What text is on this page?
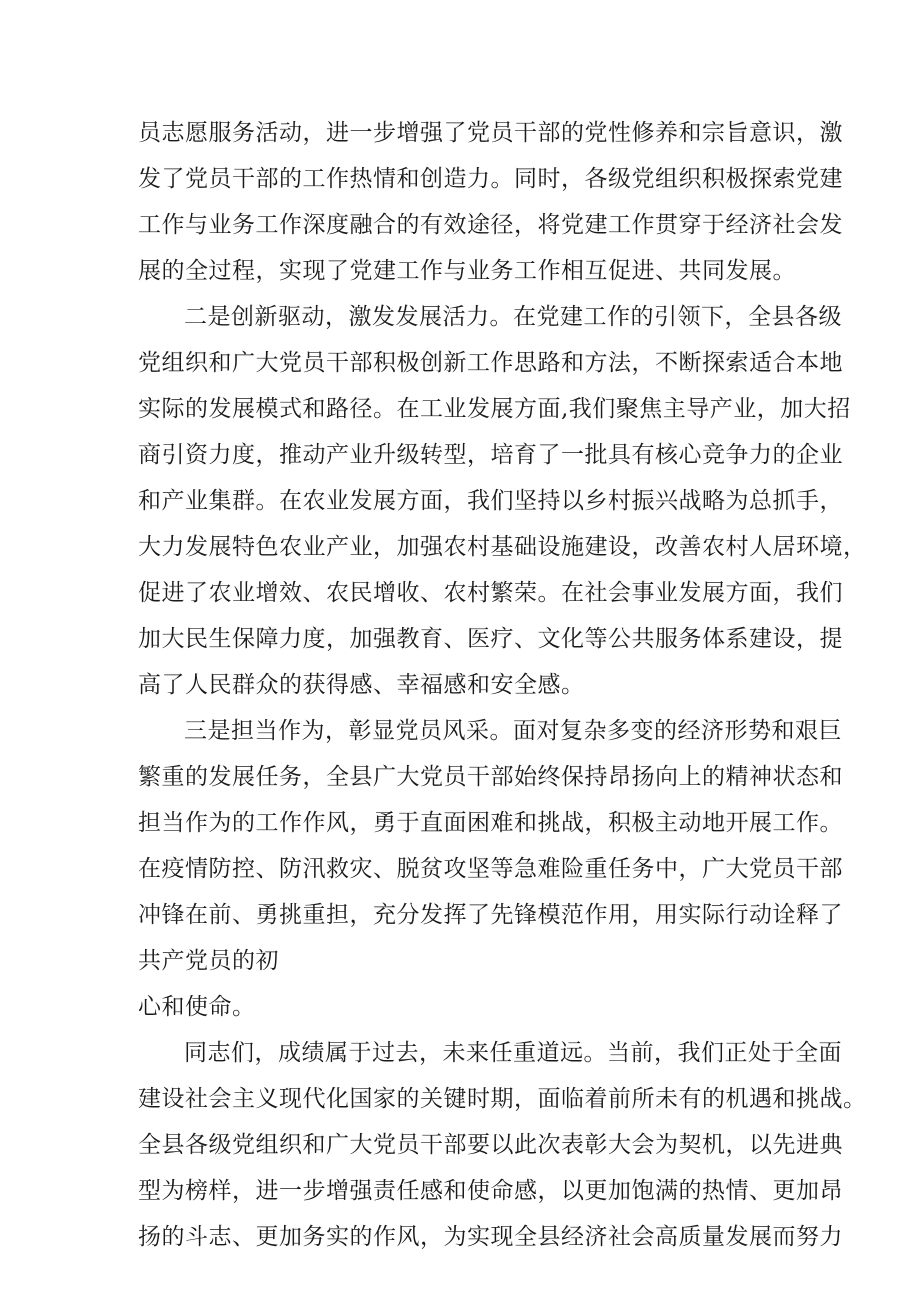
员志愿服务活动，进一步增强了党员干部的党性修养和宗旨意识，激
发了党员干部的工作热情和创造力。同时，各级党组织积极探索党建
工作与业务工作深度融合的有效途径，将党建工作贯穿于经济社会发
展的全过程，实现了党建工作与业务工作相互促进、共同发展。
二是创新驱动，激发发展活力。在党建工作的引领下，全县各级
党组织和广大党员干部积极创新工作思路和方法，不断探索适合本地
实际的发展模式和路径。在工业发展方面,我们聚焦主导产业，加大招
商引资力度，推动产业升级转型，培育了一批具有核心竞争力的企业
和产业集群。在农业发展方面，我们坚持以乡村振兴战略为总抓手，
大力发展特色农业产业，加强农村基础设施建设，改善农村人居环境，
促进了农业增效、农民增收、农村繁荣。在社会事业发展方面，我们
加大民生保障力度，加强教育、医疗、文化等公共服务体系建设，提
高了人民群众的获得感、幸福感和安全感。
三是担当作为，彰显党员风采。面对复杂多变的经济形势和艰巨
繁重的发展任务，全县广大党员干部始终保持昂扬向上的精神状态和
担当作为的工作作风，勇于直面困难和挑战，积极主动地开展工作。
在疫情防控、防汛救灾、脱贫攻坚等急难险重任务中，广大党员干部
冲锋在前、勇挑重担，充分发挥了先锋模范作用，用实际行动诠释了
共产党员的初
心和使命。
同志们，成绩属于过去，未来任重道远。当前，我们正处于全面
建设社会主义现代化国家的关键时期，面临着前所未有的机遇和挑战。
全县各级党组织和广大党员干部要以此次表彰大会为契机，以先进典
型为榜样，进一步增强责任感和使命感，以更加饱满的热情、更加昂
扬的斗志、更加务实的作风，为实现全县经济社会高质量发展而努力
